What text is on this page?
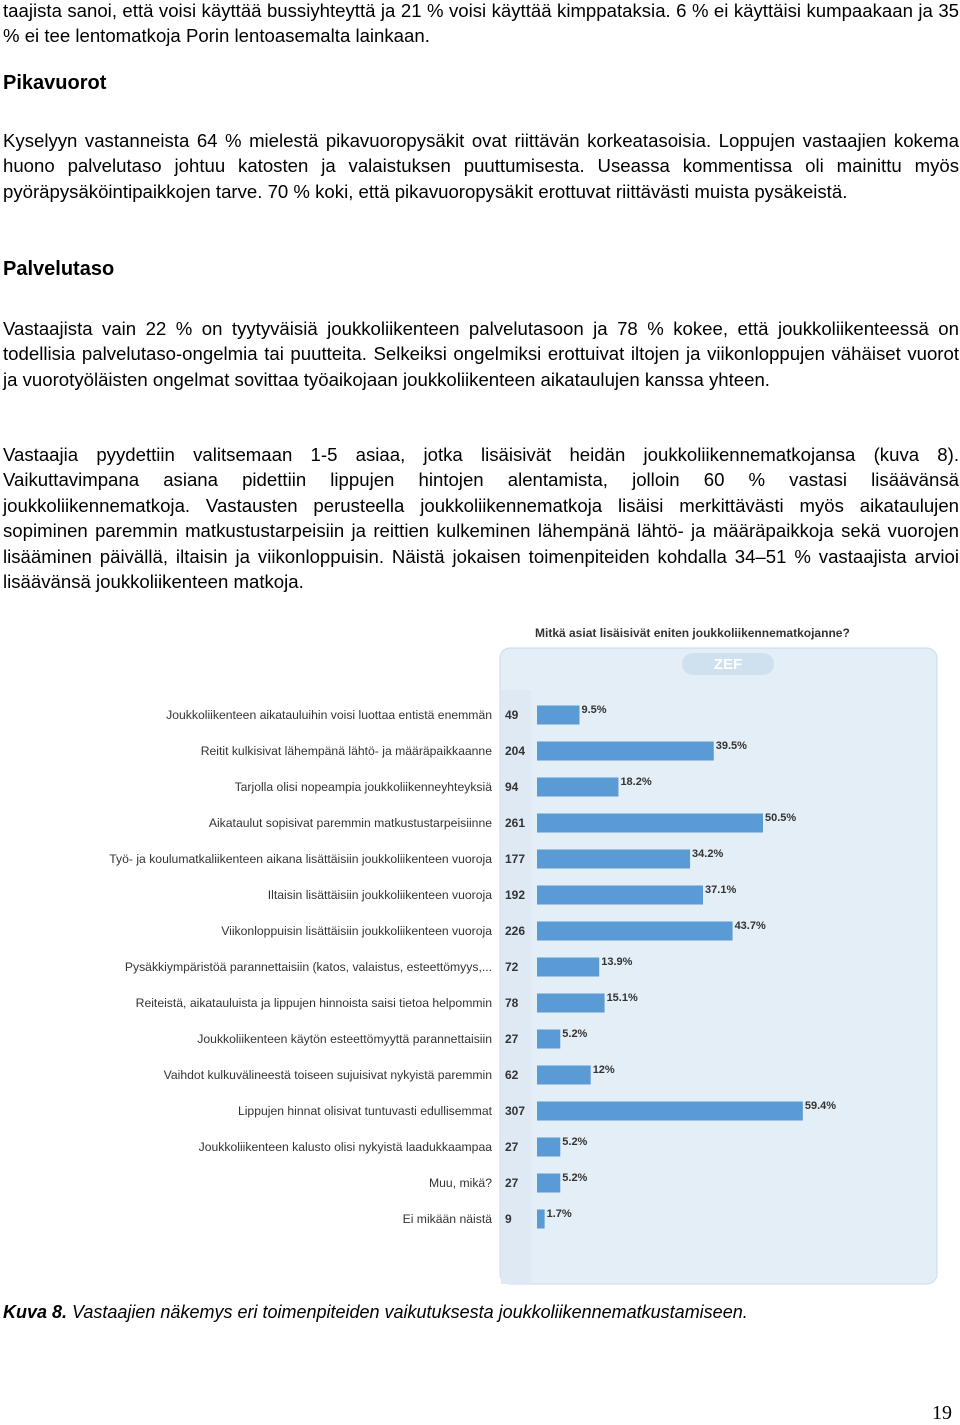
taajista sanoi, että voisi käyttää bussiyhteyttä ja 21 % voisi käyttää kimppataksia. 6 % ei käyttäisi kumpaakaan ja 35 % ei tee lentomatkoja Porin lentoasemalta lainkaan.

Pikavuorot

Kyselyyn vastanneista 64 % mielestä pikavuoropysäkit ovat riittävän korkeatasoisia. Loppujen vastaajien kokema huono palvelutaso johtuu katosten ja valaistuksen puuttumisesta. Useassa kommentissa oli mainittu myös pyöräpysäköintipaikkojen tarve. 70 % koki, että pikavuoropysäkit erottuvat riittävästi muista pysäkeistä.

Palvelutaso

Vastaajista vain 22 % on tyytyväisiä joukkoliikenteen palvelutasoon ja 78 % kokee, että joukkoliikenteessä on todellisia palvelutaso-ongelmia tai puutteita. Selkeiksi ongelmiksi erottuivat iltojen ja viikonloppujen vähäiset vuorot ja vuorotyöläisten ongelmat sovittaa työaikojaan joukkoliikenteen aikataulujen kanssa yhteen.

Vastaajia pyydettiin valitsemaan 1-5 asiaa, jotka lisäisivät heidän joukkoliikennematkojansa (kuva 8). Vaikuttavimpana asiana pidettiin lippujen hintojen alentamista, jolloin 60 % vastasi lisäävänsä joukkoliikennematkoja. Vastausten perusteella joukkoliikennematkoja lisäisi merkittävästi myös aikataulujen sopiminen paremmin matkustustarpeisiin ja reittien kulkeminen lähempänä lähtö- ja määräpaikkoja sekä vuorojen lisääminen päivällä, iltaisin ja viikonloppuisin. Näistä jokaisen toimenpiteiden kohdalla 34–51 % vastaajista arvioi lisäävänsä joukkoliikenteen matkoja.

Mitkä asiat lisäisivät eniten joukkoliikennematkojanne?
ZEF
Joukkoliikenteen aikatauluihin voisi luottaa entistä enemmän 49	9.5%
Reitit kulkisivat lähempänä lähtö- ja määräpaikkaanne 204	39.5%
Tarjolla olisi nopeampia joukkoliikenneyhteyksiä 94	18.2%
Aikataulut sopisivat paremmin matkustustarpeisiinne 261	50.5%
Työ- ja koulumatkaliikenteen aikana lisättäisiin joukkoliikenteen vuoroja 177	34.2%
Iltaisin lisättäisiin joukkoliikenteen vuoroja 192	37.1%
Viikonloppuisin lisättäisiin joukkoliikenteen vuoroja 226	43.7%
Pysäkkiympäristöä parannettaisiin (katos, valaistus, esteettömyys,... 72	13.9%
Reiteistä, aikatauluista ja lippujen hinnoista saisi tietoa helpommin 78	15.1%
Joukkoliikenteen käytön esteettömyyttä parannettaisiin 27	5.2%
Vaihdot kulkuvälineestä toiseen sujuisivat nykyistä paremmin 62	12%
Lippujen hinnat olisivat tuntuvasti edullisemmat 307	59.4%
Joukkoliikenteen kalusto olisi nykyistä laadukkaampaa 27	5.2%
Muu, mikä? 27	5.2%
Ei mikään näistä 9	1.7%
Kuva 8. Vastaajien näkemys eri toimenpiteiden vaikutuksesta joukkoliikennematkustamiseen.
19
